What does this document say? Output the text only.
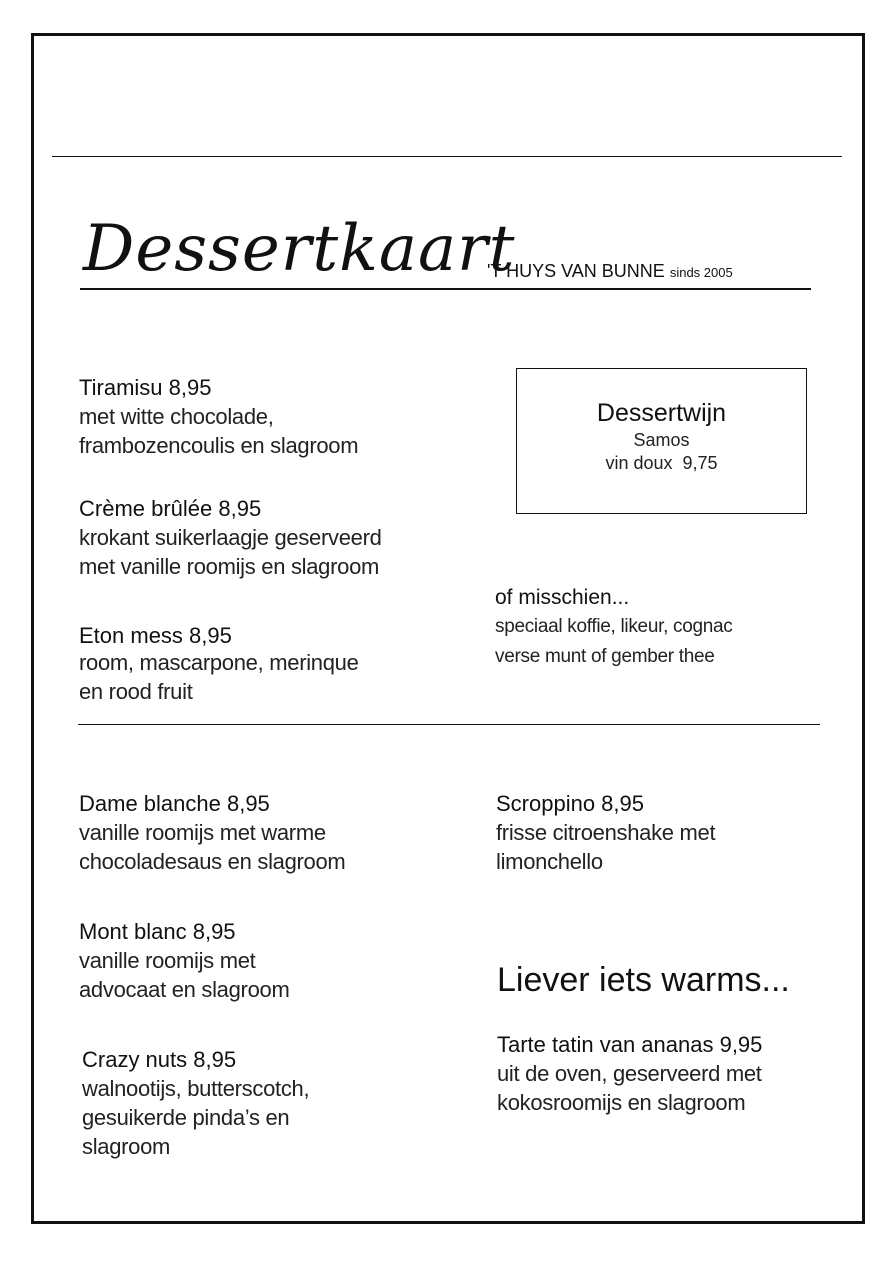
Dessertkaart
'T HUYS VAN BUNNE sinds 2005
Tiramisu 8,95
met witte chocolade,
frambozencoulis en slagroom
Crème brûlée 8,95
krokant suikerlaagje geserveerd
met vanille roomijs en slagroom
Eton mess 8,95
room, mascarpone, merinque
en rood fruit
Dessertwijn
Samos
vin doux  9,75
of misschien...
speciaal koffie, likeur, cognac
verse munt of gember thee
Dame blanche 8,95
vanille roomijs met warme
chocoladesaus en slagroom
Mont blanc 8,95
vanille roomijs met
advocaat en slagroom
Crazy nuts 8,95
walnootijs, butterscotch,
gesuikerde pinda’s en
slagroom
Scroppino 8,95
frisse citroenshake met
limonchello
Liever iets warms...
Tarte tatin van ananas 9,95
uit de oven, geserveerd met
kokosroomijs en slagroom
